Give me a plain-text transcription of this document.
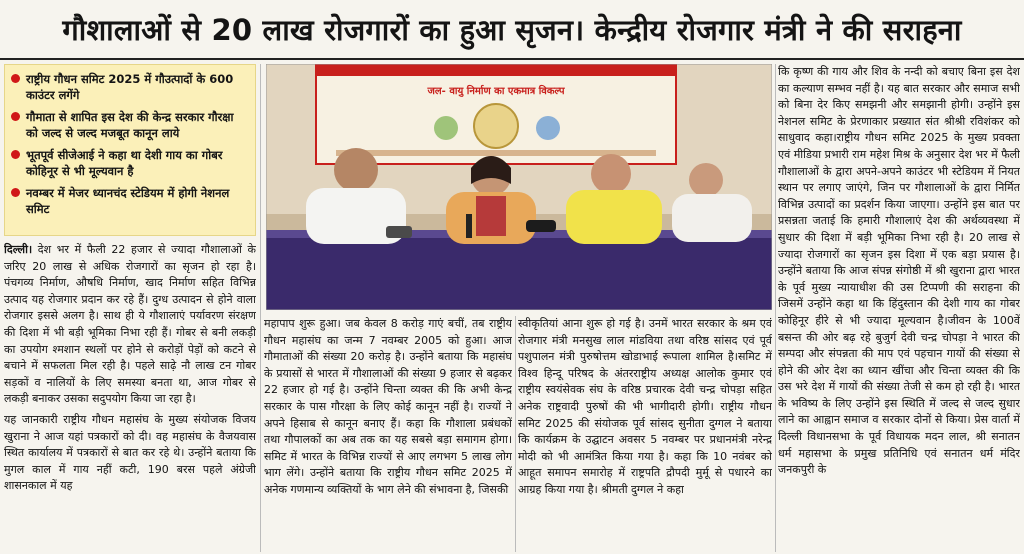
गौशालाओं से 20 लाख रोजगारों का हुआ सृजन। केन्द्रीय रोजगार मंत्री ने की सराहना
राष्ट्रीय गौधन समिट 2025 में गौउत्पादों के 600 काउंटर लगेंगे
गौमाता से शापित इस देश की केन्द्र सरकार गौरक्षा को जल्द से जल्द मजबूत कानून लाये
भूतपूर्व सीजेआई ने कहा था देशी गाय का गोबर कोहिनूर से भी मूल्यवान है
नवम्बर में मेजर ध्यानचंद स्टेडियम में होगी नेशनल समिट
जल- वायु निर्माण का एकमात्र विकल्प

दिल्ली। देश भर में फैली 22 हजार से ज्यादा गौशालाओं के जरिए 20 लाख से अधिक रोजगारों का सृजन हो रहा है। पंचगव्य निर्माण, औषधि निर्माण, खाद निर्माण सहित विभिन्न उत्पाद यह रोजगार प्रदान कर रहे हैं। दुग्ध उत्पादन से होने वाला रोजगार इससे अलग है। साथ ही ये गौशालाएं पर्यावरण संरक्षण की दिशा में भी बड़ी भूमिका निभा रही हैं। गोबर से बनी लकड़ी का उपयोग श्मशान स्थलों पर होने से करोड़ों पेड़ों को कटने से बचाने में सफलता मिल रही है। पहले साढ़े नौ लाख टन गोबर सड़कों व नालियों के लिए समस्या बनता था, आज गोबर से लकड़ी बनाकर उसका सदुपयोग किया जा रहा है।

यह जानकारी राष्ट्रीय गौधन महासंघ के मुख्य संयोजक विजय खुराना ने आज यहां पत्रकारों को दी। वह महासंघ के वैजयवास स्थित कार्यालय में पत्रकारों से बात कर रहे थे। उन्होंने बताया कि मुगल काल में गाय नहीं कटी, 190 बरस पहले अंग्रेजी शासनकाल में यह

महापाप शुरू हुआ। जब केवल 8 करोड़ गाएं बचीं, तब राष्ट्रीय गौधन महासंघ का जन्म 7 नवम्बर 2005 को हुआ। आज गौमाताओं की संख्या 20 करोड़ है। उन्होंने बताया कि महासंघ के प्रयासों से भारत में गौशालाओं की संख्या 9 हजार से बढ़कर 22 हजार हो गई है। उन्होंने चिन्ता व्यक्त की कि अभी केन्द्र सरकार के पास गौरक्षा के लिए कोई कानून नहीं है। राज्यों ने अपने हिसाब से कानून बनाए हैं। कहा कि गौशाला प्रबंधकों तथा गौपालकों का अब तक का यह सबसे बड़ा समागम होगा। समिट में भारत के विभिन्न राज्यों से आए लगभग 5 लाख लोग भाग लेंगे। उन्होंने बताया कि राष्ट्रीय गौधन समिट 2025 में अनेक गणमान्य व्यक्तियों के भाग लेने की संभावना है, जिसकी

स्वीकृतियां आना शुरू हो गई है। उनमें भारत सरकार के श्रम एवं रोजगार मंत्री मनसुख लाल मांडविया तथा वरिष्ठ सांसद एवं पूर्व पशुपालन मंत्री पुरुषोत्तम खोडाभाई रूपाला शामिल है।समिट में विश्व हिन्दू परिषद के अंतरराष्ट्रीय अध्यक्ष आलोक कुमार एवं राष्ट्रीय स्वयंसेवक संघ के वरिष्ठ प्रचारक देवी चन्द्र चोपड़ा सहित अनेक राष्ट्रवादी पुरुषों की भी भागीदारी होगी। राष्ट्रीय गौधन समिट 2025 की संयोजक पूर्व सांसद सुनीता दुग्गल ने बताया कि कार्यक्रम के उद्घाटन अवसर 5 नवम्बर पर प्रधानमंत्री नरेन्द्र मोदी को भी आमंत्रित किया गया है। कहा कि 10 नवंबर को आहूत समापन समारोह में राष्ट्रपति द्रौपदी मुर्मू से पधारने का आग्रह किया गया है। श्रीमती दुग्गल ने कहा

कि कृष्ण की गाय और शिव के नन्दी को बचाए बिना इस देश का कल्याण सम्भव नहीं है। यह बात सरकार और समाज सभी को बिना देर किए समझनी और समझानी होगी। उन्होंने इस नेशनल समिट के प्रेरणाकार प्रख्यात संत श्रीश्री रविशंकर को साधुवाद कहा।राष्ट्रीय गौधन समिट 2025 के मुख्य प्रवक्ता एवं मीडिया प्रभारी राम महेश मिश्र के अनुसार देश भर में फैली गौशालाओं के द्वारा अपने-अपने काउंटर भी स्टेडियम में नियत स्थान पर लगाए जाएंगे, जिन पर गौशालाओं के द्वारा निर्मित विभिन्न उत्पादों का प्रदर्शन किया जाएगा। उन्होंने इस बात पर प्रसन्नता जताई कि हमारी गौशालाएं देश की अर्थव्यवस्था में सुधार की दिशा में बड़ी भूमिका निभा रही है। 20 लाख से ज्यादा रोजगारों का सृजन इस दिशा में एक बड़ा प्रयास है। उन्होंने बताया कि आज संपन्न संगोष्ठी में श्री खुराना द्वारा भारत के पूर्व मुख्य न्यायाधीश की उस टिप्पणी की सराहना की जिसमें उन्होंने कहा था कि हिंदुस्तान की देशी गाय का गोबर कोहिनूर हीरे से भी ज्यादा मूल्यवान है।जीवन के 100वें बसन्त की ओर बढ़ रहे बुजुर्ग देवी चन्द्र चोपड़ा ने भारत की सम्पदा और संपन्नता की माप एवं पहचान गायों की संख्या से होने की ओर देश का ध्यान खींचा और चिन्ता व्यक्त की कि उस भरे देश में गायों की संख्या तेजी से कम हो रही है। भारत के भविष्य के लिए उन्होंने इस स्थिति में जल्द से जल्द सुधार लाने का आह्वान समाज व सरकार दोनों से किया। प्रेस वार्ता में दिल्ली विधानसभा के पूर्व विधायक मदन लाल, श्री सनातन धर्म महासभा के प्रमुख प्रतिनिधि एवं सनातन धर्म मंदिर जनकपुरी के
